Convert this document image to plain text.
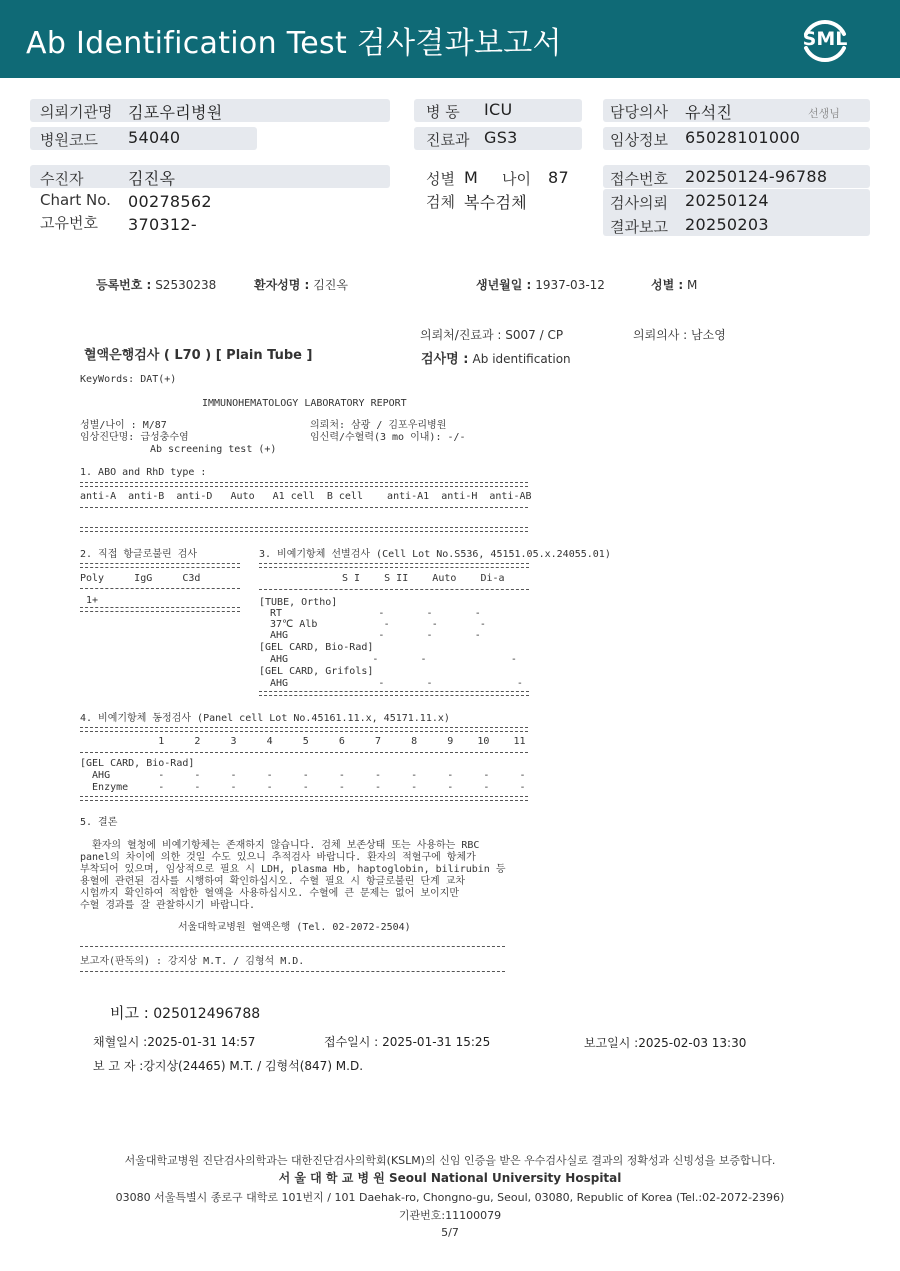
Ab Identification Test 검사결과보고서	SML
의뢰기관명 김포우리병원	병 동 ICU	담당의사 유석진	선생님
병원코드 54040	진료과 GS3	임상정보 65028101000
수진자	김진옥
Chart No. 00278562
고유번호 370312-
성별 M 나이 87
검체 복수검체
접수번호 20250124-96788
검사의뢰 20250124
결과보고 20250203
등록번호 : S2530238	환자성명 : 김진옥	생년월일 : 1937-03-12	성별 : M
의뢰처/진료과 : S007 / CP	의뢰의사 : 남소영
혈액은행검사 ( L70 ) [ Plain Tube ]	검사명 : Ab identification
KeyWords: DAT(+)
IMMUNOHEMATOLOGY LABORATORY REPORT
성별/나이 : M/87	의뢰처: 삼광 / 김포우리병원
임상진단명: 급성충수염	임신력/수혈력(3 mo 이내): -/-
Ab screening test (+)
1. ABO and RhD type :
anti-A  anti-B  anti-D   Auto   A1 cell  B cell    anti-A1  anti-H  anti-AB
2. 직접 항글로불린 검사
Poly     IgG     C3d
1+
3. 비예기항체 선별검사 (Cell Lot No.S536, 45151.05.x.24055.01)
S I    S II    Auto    Di-a
[TUBE, Ortho]
RT                -       -       -
37℃ Alb           -       -       -
AHG               -       -       -
[GEL CARD, Bio-Rad]
AHG              -       -              -
[GEL CARD, Grifols]
AHG               -       -              -
4. 비예기항체 동정검사 (Panel cell Lot No.45161.11.x, 45171.11.x)
1     2     3     4     5     6     7     8     9    10    11
[GEL CARD, Bio-Rad]
AHG        -     -     -     -     -     -     -     -     -     -     -
Enzyme     -     -     -     -     -     -     -     -     -     -     -
5. 결론
환자의 혈청에 비예기항체는 존재하지 않습니다. 검체 보존상태 또는 사용하는 RBC
panel의 차이에 의한 것일 수도 있으니 추적검사 바랍니다. 환자의 적혈구에 항체가
부착되어 있으며, 임상적으로 필요 시 LDH, plasma Hb, haptoglobin, bilirubin 등
용혈에 관련된 검사를 시행하여 확인하십시오. 수혈 필요 시 항글로불린 단계 교차
시험까지 확인하여 적합한 혈액을 사용하십시오. 수혈에 큰 문제는 없어 보이지만
수혈 경과를 잘 관찰하시기 바랍니다.
서울대학교병원 혈액은행 (Tel. 02-2072-2504)
보고자(판독의) : 강지상 M.T. / 김형석 M.D.
비고 : 025012496788
채혈일시 :2025-01-31 14:57	접수일시 : 2025-01-31 15:25	보고일시 :2025-02-03 13:30
보 고 자 :강지상(24465) M.T. / 김형석(847) M.D.
서울대학교병원 진단검사의학과는 대한진단검사의학회(KSLM)의 신임 인증을 받은 우수검사실로 결과의 정확성과 신빙성을 보증합니다.
서 울 대 학 교 병 원 Seoul National University Hospital
03080 서울특별시 종로구 대학로 101번지 / 101 Daehak-ro, Chongno-gu, Seoul, 03080, Republic of Korea (Tel.:02-2072-2396)
기관번호:11100079
5/7
